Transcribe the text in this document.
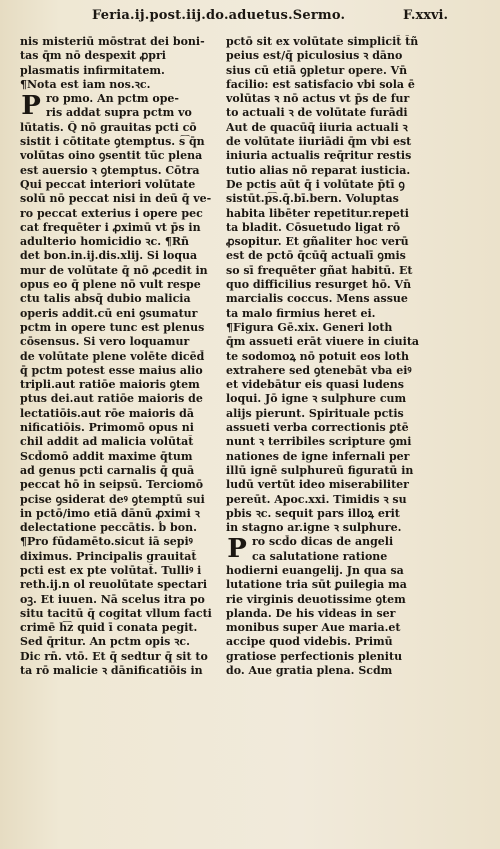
Feria.ij.post.iij.do.aduetus.Sermo.	F.xxvi.
nis misteriū mōstrat dei boni-
tas q̄m nō despexit ꝓpri
plasmatis infirmitatem.
¶Nota est iam nos.ꝛc.
P ro pmo. An pctm ope-
ris addat supra pctm vo
lūtatis. Q̄ nō grauitas pcti cō
sistit i cōtitate ꝯtemptus. s͡ q̄n
volūtas oino ꝯsentit tūc plena
est auersio ꝛ ꝯtemptus. Cōtra
Qui peccat interiori volūtate
solū nō peccat nisi in deū q̄ ve-
ro peccat exterius i opere pec
cat frequēter i ꝓximū vt p̄s in
adulterio homicidio ꝛc. ¶Rn̄
det bon.in.ij.dis.xlij. Si loqua
mur de volūtate q̄ nō ꝓcedit in
opus eo q̄ plene nō vult respe
ctu talis absq̄ dubio malicia
operis addit.cū eni ꝯsumatur
pctm in opere tunc est plenus
cōsensus. Si vero loquamur
de volūtate plene volēte dicēd̄
q̄ pctm potest esse maius alio
tripli.aut ratiōe maioris ꝯtem
ptus dei.aut ratiōe maioris de
lectatiōis.aut rōe maioris dā
nificatiōis. Primomō opus ni
chil addit ad malicia volūtat̄
Scd̄omō addit maxime q̄tum
ad genus pcti carnalis q̄ quā
peccat hō in seipsū. Terciomō
pcise ꝯsiderat deꝰ ꝯtemptū sui
in pctō/imo etiā dānū ꝓximi ꝛ
delectatione peccātis. ḃ bon.
¶Pro fūdamēto.sicut iā sepiꝰ
diximus. Principalis grauitat̄
pcti est ex pte volūtat̄. Tulliꝰ i
reth.ij.n ol reuolūtate spectari
oꝫ. Et iuuen. Nā scelus itra po
situ tacitū q̄ cogitat vllum facti
crimē h͡z quid ī conata pegit.
Sed q̄ritur. An pctm opis ꝛc.
Dic rn̄. vtō. Et q̄ sedtur q̄ sit to
ta rō malicie ꝛ dānificatiōis in
pctō sit ex volūtate simplicit̄ t̄ñ
peius est/q̄ piculosius ꝛ dāno
sius cū etiā ꝯpletur opere. Vn̄
facilio: est satisfacio vbi sola ē
volūtas ꝛ nō actus vt p̄s de fur
to actuali ꝛ de volūtate furādi
Aut de quacūq̄ iiuria actuali ꝛ
de volūtate iiuriādi q̄m vbi est
iniuria actualis req̄ritur restis
tutio alias nō reparat iusticia.
De pctis aūt q̄ i volūtate p̄tī ꝯ
sistūt.p͡s.q̄.bī.bern. Voluptas
habita libēter repetitur.repeti
ta bladit. Cōsuetudo ligat rō
ꝓsopitur. Et gñaliter hoc verū
est de pctō q̄cūq̄ actualī ꝯmis
so sī frequēter gñat habitū. Et
quo difficilius resurget hō. Vn̄
marcialis coccus. Mens assue
ta malo firmius heret ei.
¶Figura Gē.xix. Generi loth
q̄m assueti erāt viuere in ciuita
te sodomoꝝ nō potuit eos loth
extrahere sed ꝯtenebāt vba eiꝰ
et videbātur eis quasi ludens
loqui. Jō igne ꝛ sulphure cum
alijs pierunt. Spirituale pctis
assueti verba correctionis ꝑtē
nunt ꝛ terribiles scripture ꝯmi
nationes de igne infernali per
illū ignē sulphureū figuratū in
ludū vertūt ideo miserabiliter
pereūt. Apoc.xxi. Timidis ꝛ su
pbis ꝛc. sequit pars illoꝝ erit
in stagno ar.igne ꝛ sulphure.
P ro scd̄o dicas de angeli
ca salutatione ratione
hodierni euangelij. Jn qua sa
lutatione tria sūt ꝑuilegia ma
rie virginis deuotissime ꝯtem
planda. De his videas in ser
monibus super Aue maria.et
accipe quod videbis. Primū
gratiose perfectionis plenitu
do. Aue gratia plena. Scdm
